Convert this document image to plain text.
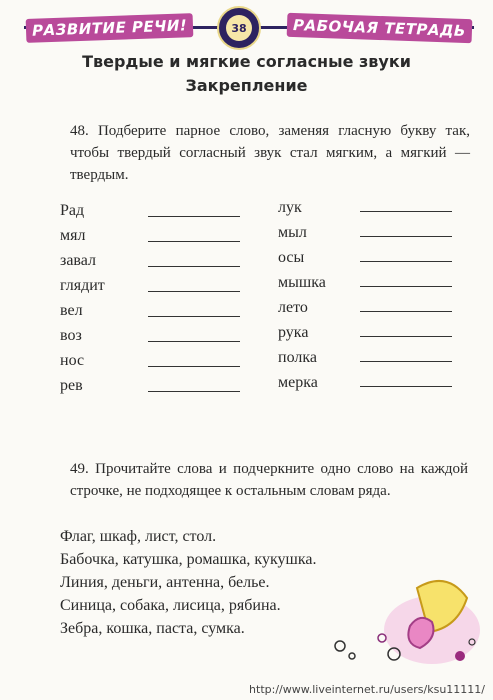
РАЗВИТИЕ РЕЧИ!	38	РАБОЧАЯ ТЕТРАДЬ
Твердые и мягкие согласные звуки
Закрепление

48. Подберите парное слово, заменяя гласную букву так, чтобы твердый согласный звук стал мягким, а мягкий — твердым.

Рад	лук
мял	мыл
завал	осы
глядит	мышка
вел	лето
воз	рука
нос	полка
рев	мерка

49. Прочитайте слова и подчеркните одно слово на каждой строчке, не подходящее к остальным словам ряда.

Флаг, шкаф, лист, стол.
Бабочка, катушка, ромашка, кукушка.
Линия, деньги, антенна, белье.
Синица, собака, лисица, рябина.
Зебра, кошка, паста, сумка.
http://www.liveinternet.ru/users/ksu11111/
